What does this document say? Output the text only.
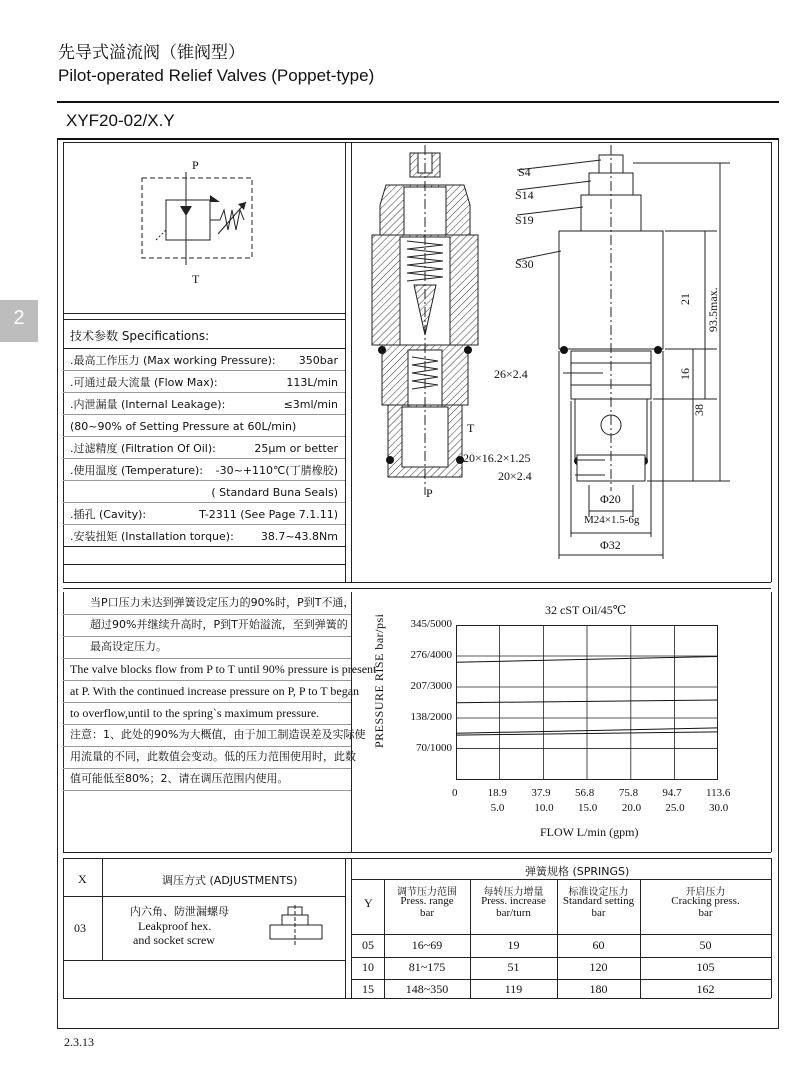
先导式溢流阀（锥阀型）
Pilot-operated Relief Valves (Poppet-type)
XYF20-02/X.Y
2
P
T
技术参数 Specifications:
.最高工作压力 (Max working Pressure): 350bar
.可通过最大流量 (Flow Max):	113L/min
.内泄漏量 (Internal Leakage):	≤3ml/min
(80~90% of Setting Pressure at 60L/min)
.过滤精度 (Filtration Of Oil):	25μm or better
.使用温度 (Temperature): -30~+110℃(丁腈橡胶)
( Standard Buna Seals)
.插孔 (Cavity):	T-2311 (See Page 7.1.11)
.安装扭矩 (Installation torque): 38.7~43.8Nm
T
P
S4
S14
S19
S30
26×2.4
20×16.2×1.25
20×2.4
Φ20
M24×1.5-6g
Φ32
21 93.5max.
16
38
当P口压力未达到弹簧设定压力的90%时，P到T不通，
超过90%并继续升高时，P到T开始溢流，至到弹簧的
最高设定压力。
The valve blocks flow from P to T until 90% pressure is present
at P. With the continued increase pressure on P, P to T began
to overflow,until to the spring`s maximum pressure.
注意：1、此处的90%为大概值，由于加工制造误差及实际使
用流量的不同，此数值会变动。低的压力范围使用时，此数
值可能低至80%；2、请在调压范围内使用。
32 cST Oil/45℃
PRESSURE RISE bar/psi
FLOW L/min (gpm)
70/1000
138/2000
207/3000
276/4000
345/5000
0	18.9 37.9 56.8 75.8 94.7 113.6
5.0	10.0 15.0 20.0 25.0 30.0
X	调压方式 (ADJUSTMENTS)
03
内六角、防泄漏螺母
Leakproof hex.
and socket screw
弹簧规格 (SPRINGS)
Y
调节压力范围
Press. range
bar
每转压力增量
Press. increase
bar/turn
标准设定压力
Standard setting
bar
开启压力
Cracking press.
bar
05	16~69	19	60	50
10	81~175	51	120	105
15	148~350	119	180	162
2.3.13
